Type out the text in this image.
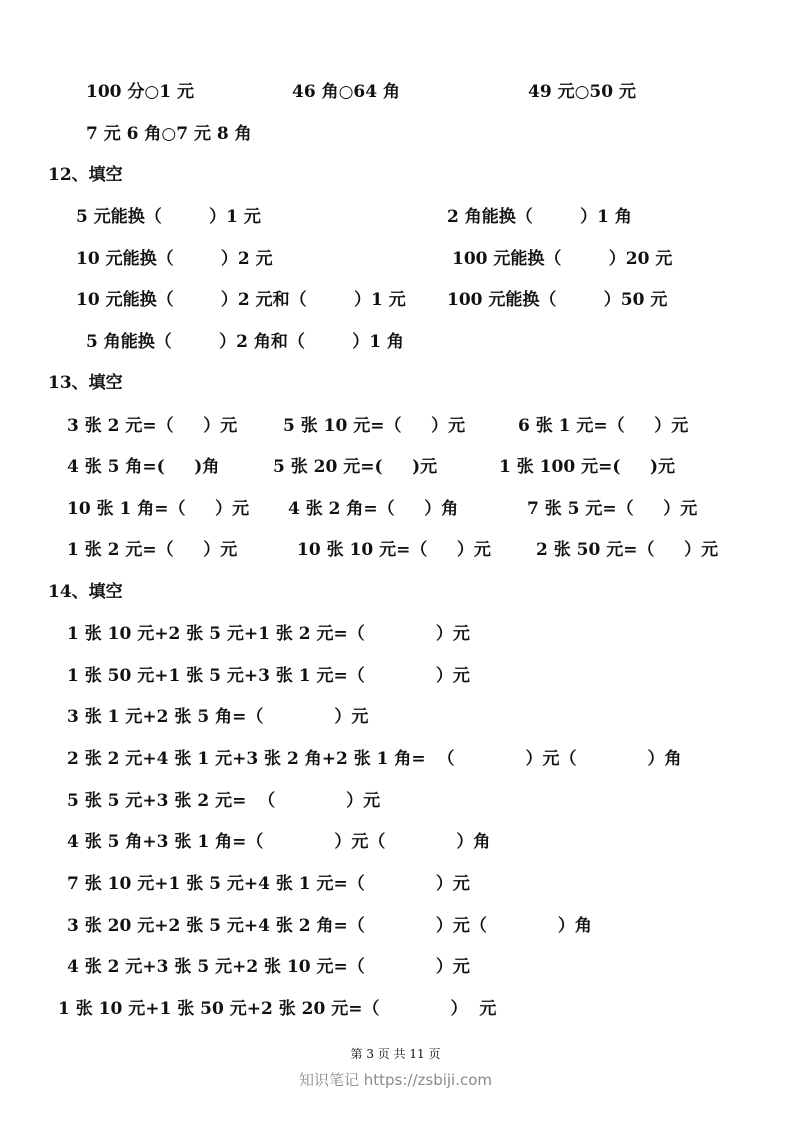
100 分○1 元	46 角○64 角	49 元○50 元
7 元 6 角○7 元 8 角
12、填空
5 元能换（        ）1 元	2 角能换（        ）1 角
10 元能换（        ）2 元	100 元能换（        ）20 元
10 元能换（        ）2 元和（        ）1 元 100 元能换（        ）50 元
5 角能换（        ）2 角和（        ）1 角
13、填空
3 张 2 元=（     ）元	5 张 10 元=（     ）元	6 张 1 元=（     ）元
4 张 5 角=(     )角	5 张 20 元=(     )元	1 张 100 元=(     )元
10 张 1 角=（     ）元 4 张 2 角=（     ）角	7 张 5 元=（     ）元
1 张 2 元=（     ）元	10 张 10 元=（     ）元	2 张 50 元=（     ）元
14、填空
1 张 10 元+2 张 5 元+1 张 2 元=（            ）元
1 张 50 元+1 张 5 元+3 张 1 元=（            ）元
3 张 1 元+2 张 5 角=（            ）元
2 张 2 元+4 张 1 元+3 张 2 角+2 张 1 角=  （            ）元（            ）角
5 张 5 元+3 张 2 元=  （            ）元
4 张 5 角+3 张 1 角=（            ）元（            ）角
7 张 10 元+1 张 5 元+4 张 1 元=（            ）元
3 张 20 元+2 张 5 元+4 张 2 角=（            ）元（            ）角
4 张 2 元+3 张 5 元+2 张 10 元=（            ）元
1 张 10 元+1 张 50 元+2 张 20 元=（            ）  元
第 3 页 共 11 页
知识笔记 https://zsbiji.com
